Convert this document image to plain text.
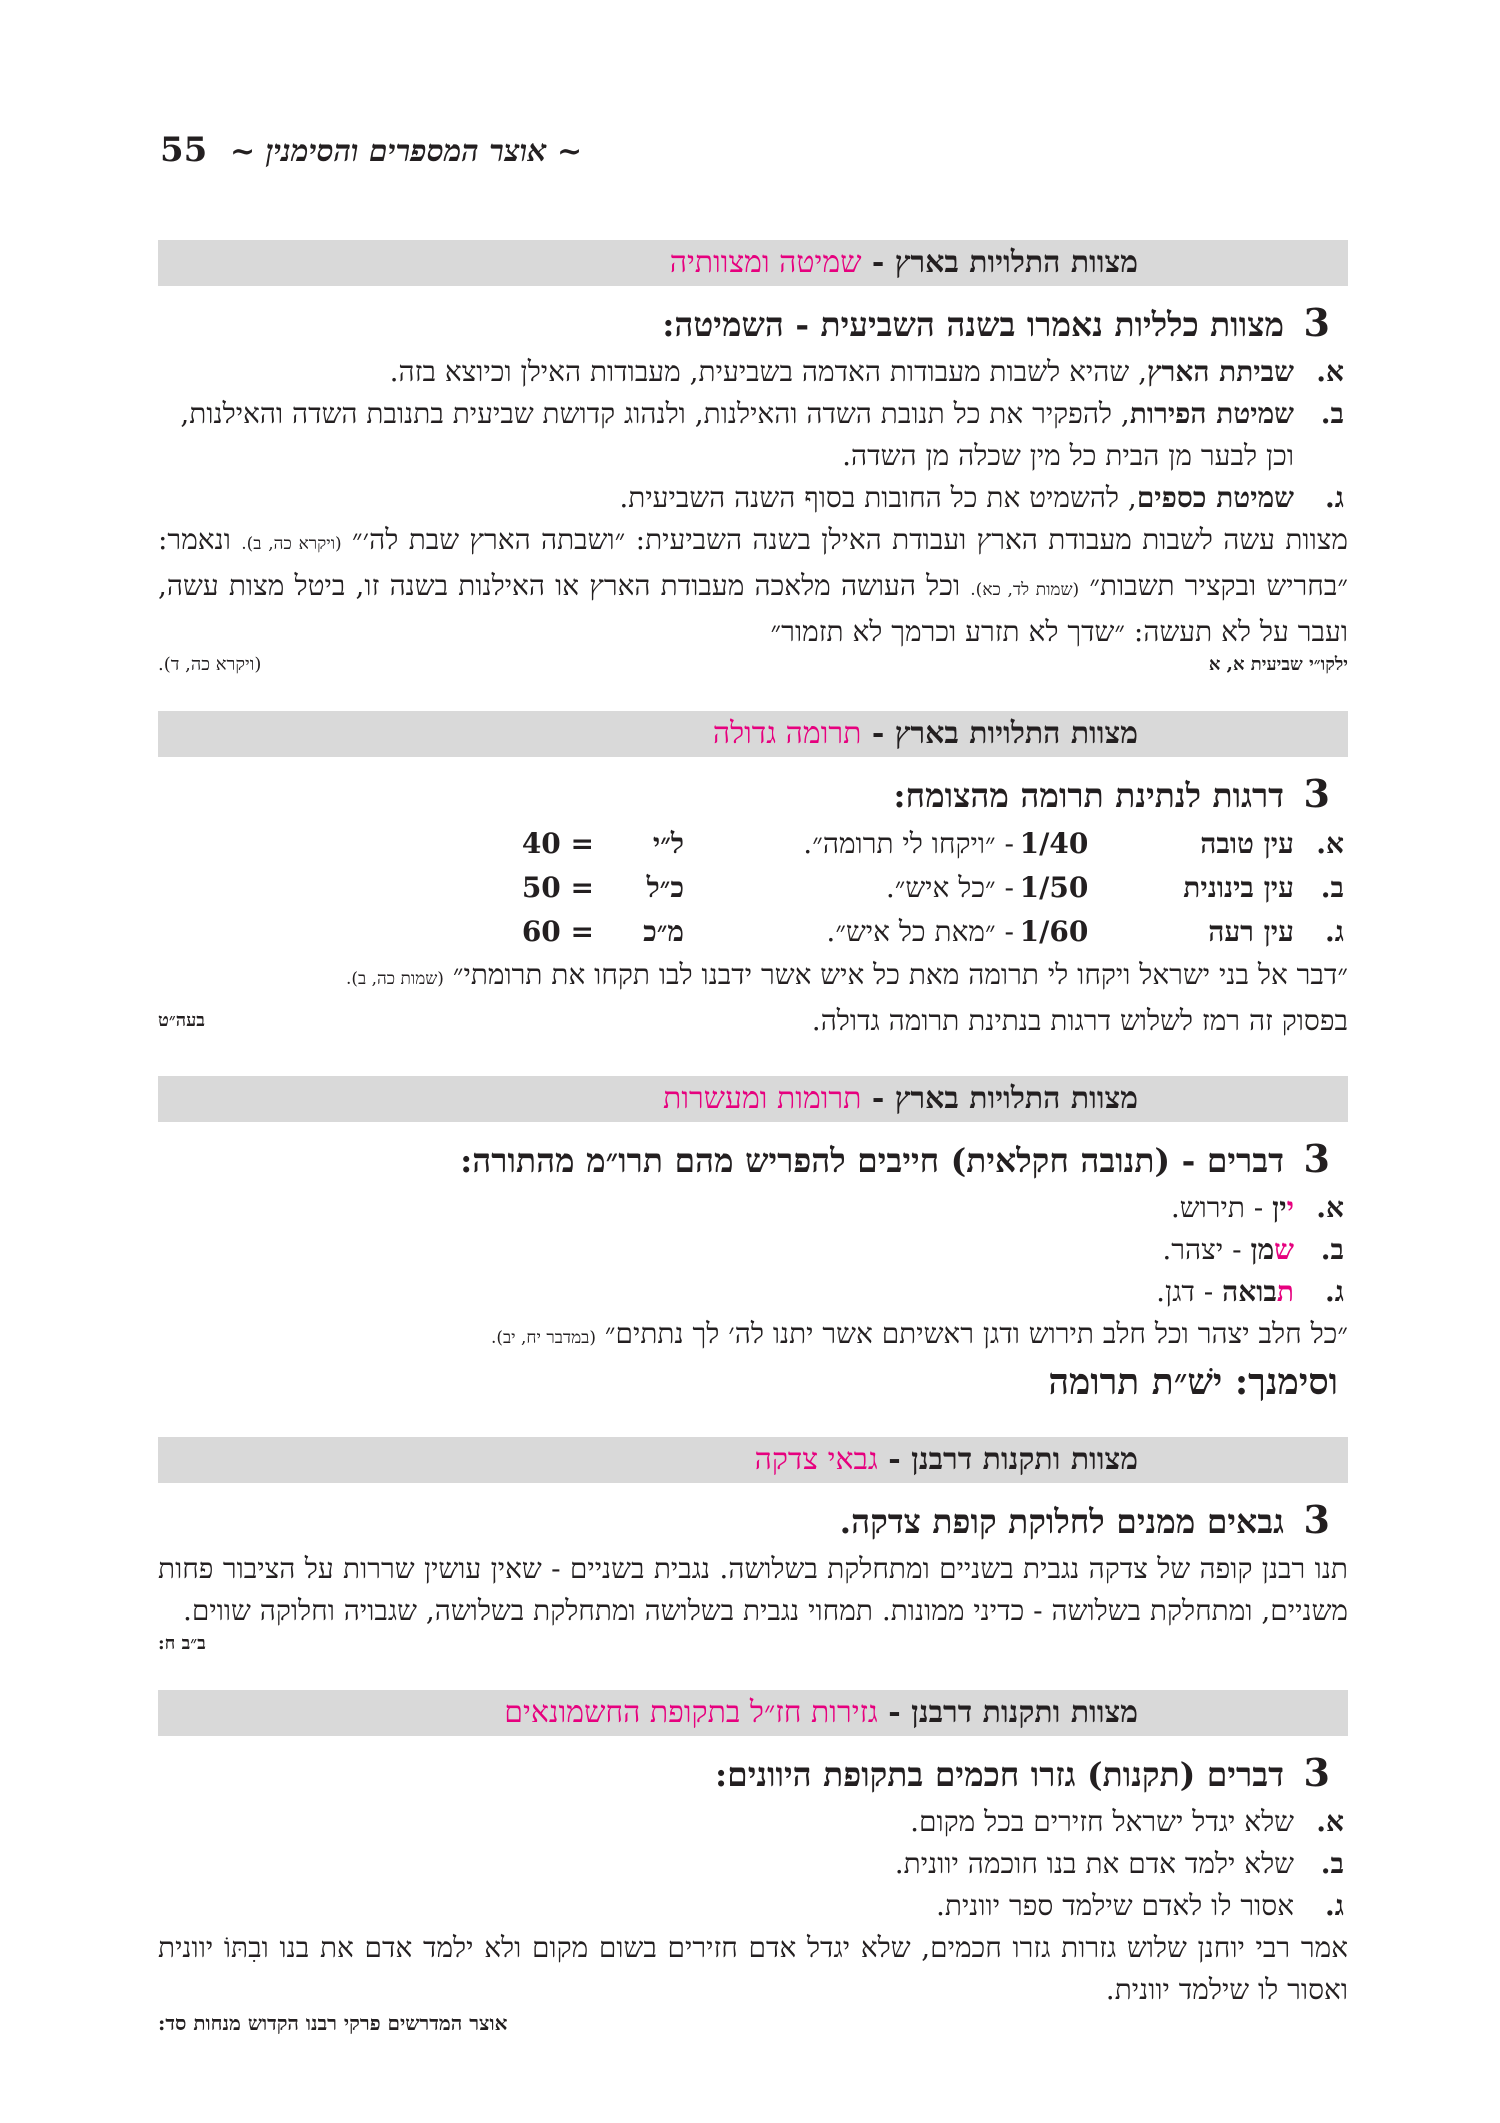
55 ~ אוצר המספרים והסימנין ~
מצוות התלויות בארץ - שמיטה ומצוותיה
3 מצוות כלליות נאמרו בשנה השביעית - השמיטה:
א.
שביתת הארץ, שהיא לשבות מעבודות האדמה בשביעית, מעבודות האילן וכיוצא בזה.
ב.
שמיטת הפירות, להפקיר את כל תנובת השדה והאילנות, ולנהוג קדושת שביעית בתנובת השדה והאילנות, וכן לבער מן הבית כל מין שכלה מן השדה.
ג.
שמיטת כספים, להשמיט את כל החובות בסוף השנה השביעית.
מצוות עשה לשבות מעבודת הארץ ועבודת האילן בשנה השביעית: ״ושבתה הארץ שבת לה׳״ (ויקרא כה, ב). ונאמר: ״בחריש ובקציר תשבות״ (שמות לד, כא). וכל העושה מלאכה מעבודת הארץ או האילנות בשנה זו, ביטל מצות עשה, ועבר על לא תעשה: ״שדך לא תזרע וכרמך לא תזמור״
ילקו״י שביעית א, א
(ויקרא כה, ד).
מצוות התלויות בארץ - תרומה גדולה
3 דרגות לנתינת תרומה מהצומח:
א.
עין טובה1/40- ״ויקחו לי תרומה״.ל״י40 =
ב.
עין בינונית1/50- ״כל איש״.כ״ל50 =
ג.
עין רעה1/60- ״מאת כל איש״.מ״כ60 =
״דבר אל בני ישראל ויקחו לי תרומה מאת כל איש אשר ידבנו לבו תקחו את תרומתי״ (שמות כה, ב).
בפסוק זה רמז לשלוש דרגות בנתינת תרומה גדולה.
בעה״ט
מצוות התלויות בארץ - תרומות ומעשרות
3 דברים - (תנובה חקלאית) חייבים להפריש מהם תרו״מ מהתורה:
א.
יין - תירוש.
ב.
שמן - יצהר.
ג.
תבואה - דגן.
״כל חלב יצהר וכל חלב תירוש ודגן ראשיתם אשר יתנו לה׳ לך נתתים״ (במדבר יח, יב).
וסימנך: ישׁ״ת תרומה
מצוות ותקנות דרבנן - גבאי צדקה
3 גבאים ממנים לחלוקת קופת צדקה.
תנו רבנן קופה של צדקה נגבית בשניים ומתחלקת בשלושה. נגבית בשניים - שאין עושין שררות על הציבור פחות משניים, ומתחלקת בשלושה - כדיני ממונות. תמחוי נגבית בשלושה ומתחלקת בשלושה, שגבויה וחלוקה שווים.
ב״ב ח:
מצוות ותקנות דרבנן - גזירות חז״ל בתקופת החשמונאים
3 דברים (תקנות) גזרו חכמים בתקופת היוונים:
א.
שלא יגדל ישראל חזירים בכל מקום.
ב.
שלא ילמד אדם את בנו חוכמה יוונית.
ג.
אסור לו לאדם שילמד ספר יוונית.
אמר רבי יוחנן שלוש גזרות גזרו חכמים, שלא יגדל אדם חזירים בשום מקום ולא ילמד אדם את בנו ובִתּוֹ יוונית ואסור לו שילמד יוונית.
אוצר המדרשים פרקי רבנו הקדוש מנחות סד:
